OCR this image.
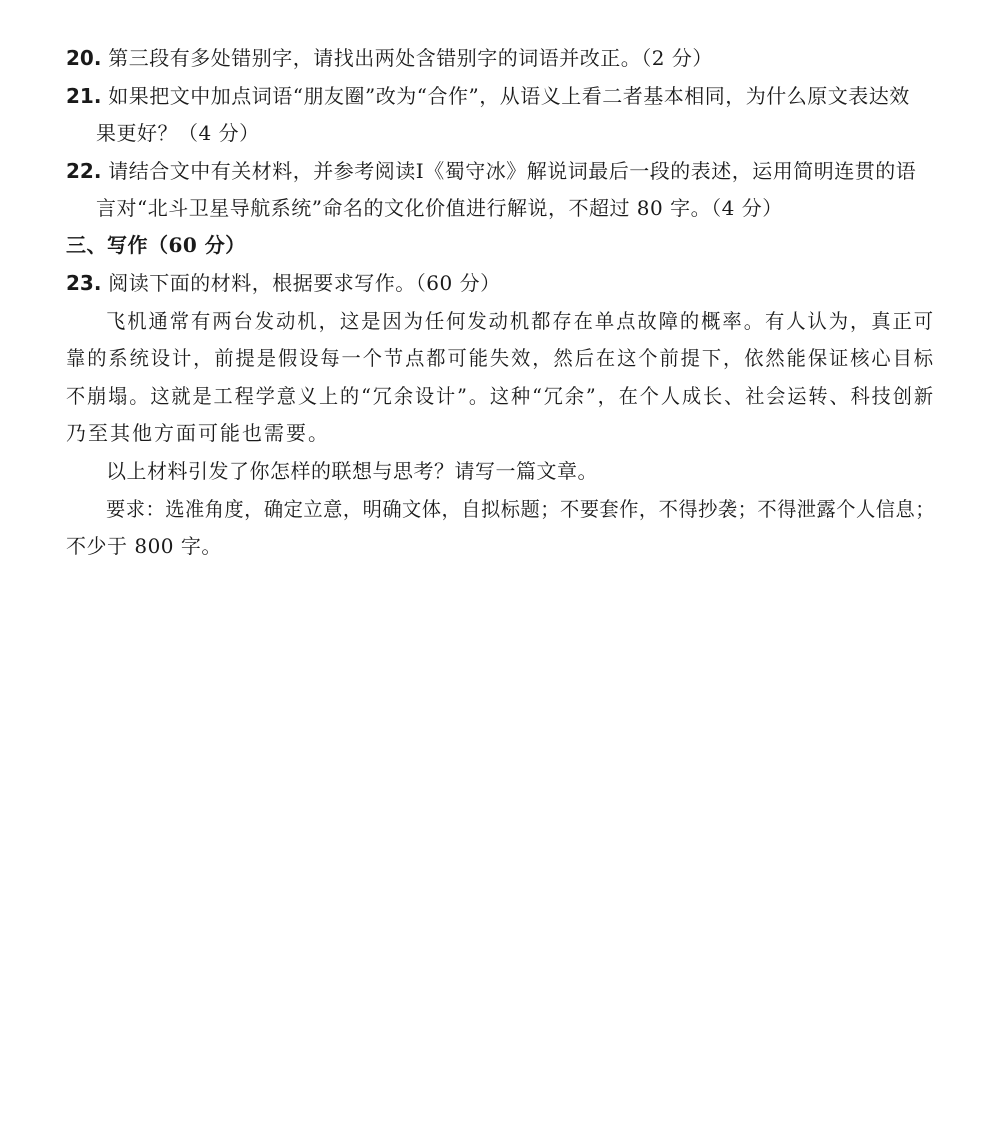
20. 第三段有多处错别字，请找出两处含错别字的词语并改正。（2 分）
21. 如果把文中加点词语“朋友圈”改为“合作”，从语义上看二者基本相同，为什么原文表达效
果更好？（4 分）
22. 请结合文中有关材料，并参考阅读Ⅰ《蜀守冰》解说词最后一段的表述，运用简明连贯的语
言对“北斗卫星导航系统”命名的文化价值进行解说，不超过 80 字。（4 分）
三、写作（60 分）
23. 阅读下面的材料，根据要求写作。（60 分）
飞机通常有两台发动机，这是因为任何发动机都存在单点故障的概率。有人认为，真正可
靠的系统设计，前提是假设每一个节点都可能失效，然后在这个前提下，依然能保证核心目标
不崩塌。这就是工程学意义上的“冗余设计”。这种“冗余”，在个人成长、社会运转、科技创新
乃至其他方面可能也需要。
以上材料引发了你怎样的联想与思考？请写一篇文章。
要求：选准角度，确定立意，明确文体，自拟标题；不要套作，不得抄袭；不得泄露个人信息；
不少于 800 字。
